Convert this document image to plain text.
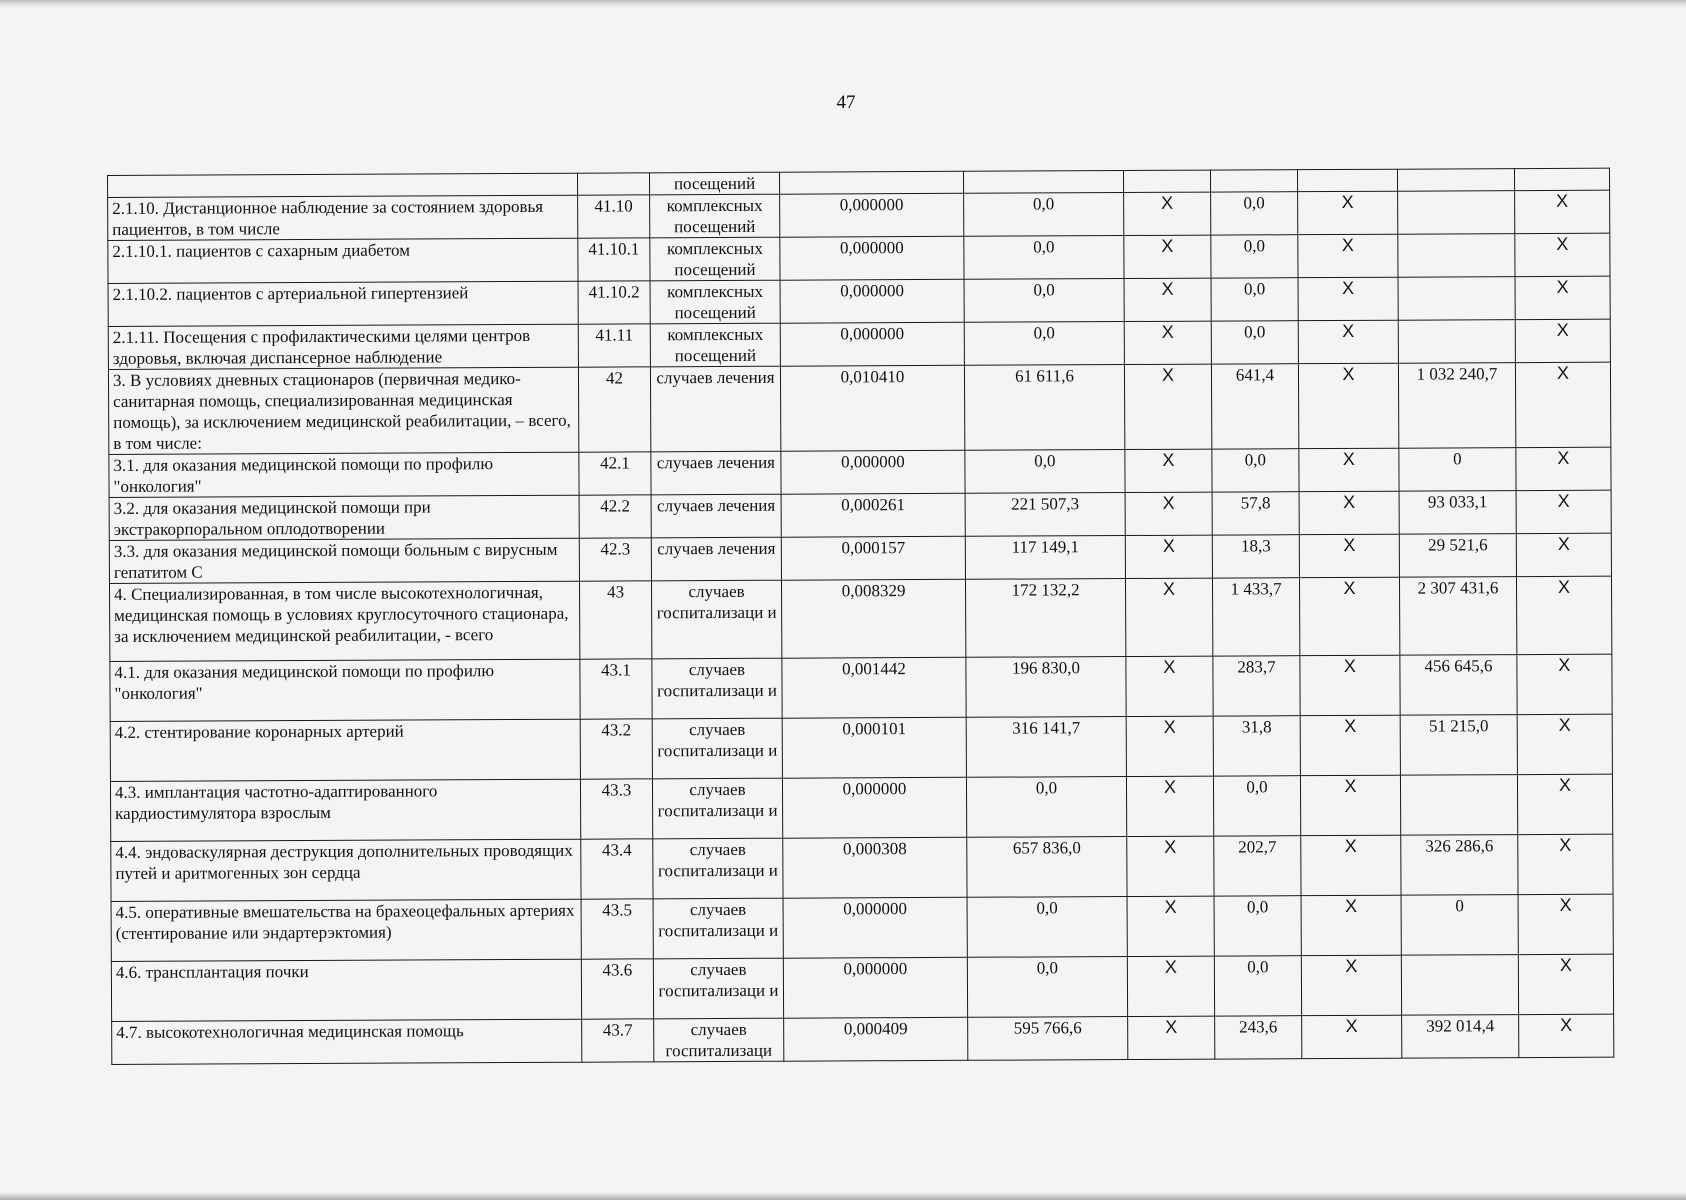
47
		посещений							
2.1.10. Дистанционное наблюдение за состоянием здоровья пациентов, в том числе	41.10	комплексных посещений	0,000000	0,0	Х	0,0	Х		Х
2.1.10.1. пациентов с сахарным диабетом	41.10.1	комплексных посещений	0,000000	0,0	Х	0,0	Х		Х
2.1.10.2. пациентов с артериальной гипертензией	41.10.2	комплексных посещений	0,000000	0,0	Х	0,0	Х		Х
2.1.11. Посещения с профилактическими целями центров здоровья, включая диспансерное наблюдение	41.11	комплексных посещений	0,000000	0,0	Х	0,0	Х		Х
3. В условиях дневных стационаров (первичная медико-санитарная помощь, специализированная медицинская помощь), за исключением медицинской реабилитации, – всего, в том числе:	42	случаев лечения	0,010410	61 611,6	Х	641,4	Х	1 032 240,7	Х
3.1. для оказания медицинской помощи по профилю "онкология"	42.1	случаев лечения	0,000000	0,0	Х	0,0	Х	0	Х
3.2. для оказания медицинской помощи при экстракорпоральном оплодотворении	42.2	случаев лечения	0,000261	221 507,3	Х	57,8	Х	93 033,1	Х
3.3. для оказания медицинской помощи больным с вирусным гепатитом С	42.3	случаев лечения	0,000157	117 149,1	Х	18,3	Х	29 521,6	Х
4. Специализированная, в том числе высокотехнологичная, медицинская помощь в условиях круглосуточного стационара, за исключением медицинской реабилитации, - всего	43	случаев госпитализаци и	0,008329	172 132,2	Х	1 433,7	Х	2 307 431,6	Х
4.1. для оказания медицинской помощи по профилю "онкология"	43.1	случаев госпитализаци и	0,001442	196 830,0	Х	283,7	Х	456 645,6	Х
4.2. стентирование коронарных артерий	43.2	случаев госпитализаци и	0,000101	316 141,7	Х	31,8	Х	51 215,0	Х
4.3. имплантация частотно-адаптированного кардиостимулятора взрослым	43.3	случаев госпитализаци и	0,000000	0,0	Х	0,0	Х		Х
4.4. эндоваскулярная деструкция дополнительных проводящих путей и аритмогенных зон сердца	43.4	случаев госпитализаци и	0,000308	657 836,0	Х	202,7	Х	326 286,6	Х
4.5. оперативные вмешательства на брахеоцефальных артериях (стентирование или эндартерэктомия)	43.5	случаев госпитализаци и	0,000000	0,0	Х	0,0	Х	0	Х
4.6. трансплантация почки	43.6	случаев госпитализаци и	0,000000	0,0	Х	0,0	Х		Х
4.7. высокотехнологичная медицинская помощь	43.7	случаев госпитализаци	0,000409	595 766,6	Х	243,6	Х	392 014,4	Х
